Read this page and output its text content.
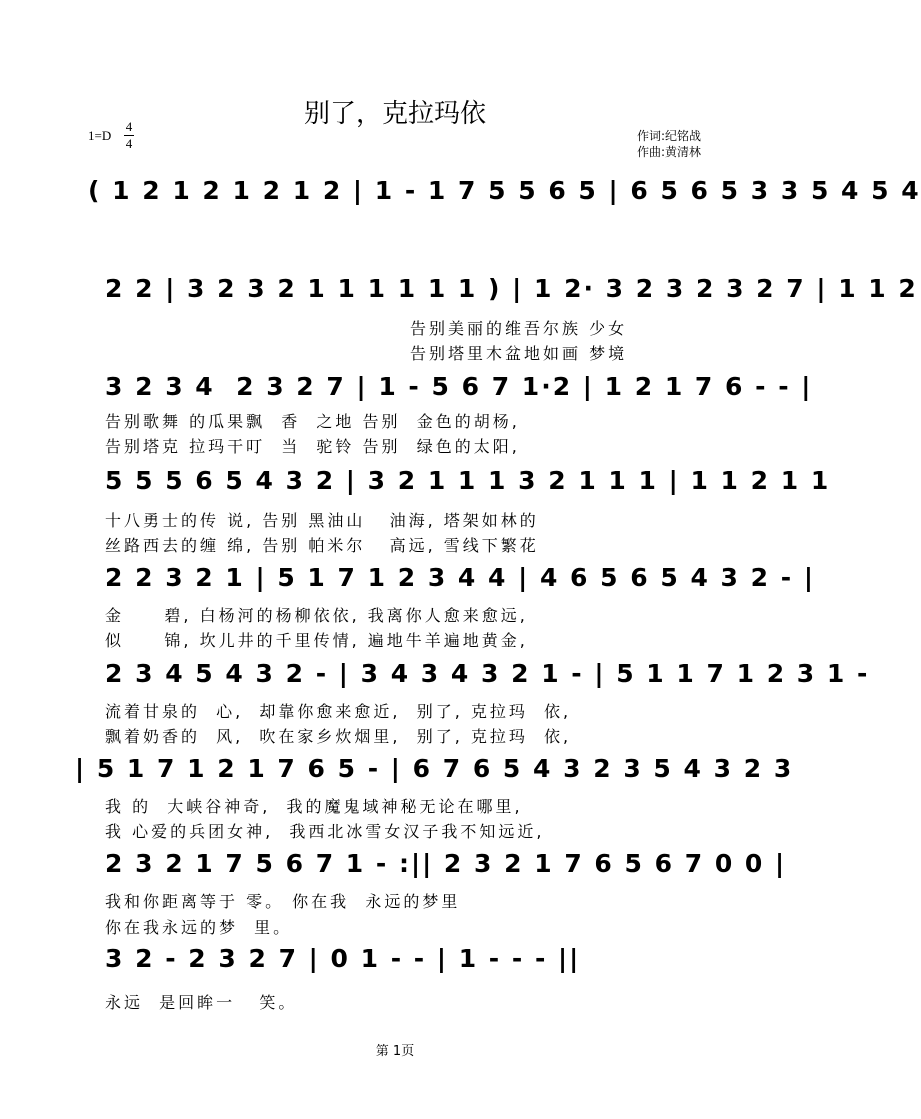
别了，克拉玛依
1=D
4
4	作词:纪铭战
作曲:黄清林
( 1 2 1 2 1 2 1 2 | 1 - 1 7 5 5 6 5 | 6 5 6 5 3 3 5 4 5 4
2 2 | 3 2 3 2 1 1 1 1 1 1 ) | 1 2· 3 2 3 2 3 2 7 | 1 1 2
告别美丽的维吾尔族 少女
告别塔里木盆地如画 梦境
3 2 3 4  2 3 2 7 | 1 - 5 6 7 1·2 | 1 2 1 7 6 - - |
告别歌舞 的瓜果飘  香  之地 告别  金色的胡杨,
告别塔克 拉玛干叮  当  驼铃 告别  绿色的太阳,
5 5 5 6 5 4 3 2 | 3 2 1 1 1 3 2 1 1 1 | 1 1 2 1 1
十八勇士的传 说, 告别 黑油山   油海, 塔架如林的
丝路西去的缠 绵, 告别 帕米尔   高远, 雪线下繁花
2 2 3 2 1 | 5 1 7 1 2 3 4 4 | 4 6 5 6 5 4 3 2 - |
金     碧, 白杨河的杨柳依依, 我离你人愈来愈远,
似     锦, 坎儿井的千里传情, 遍地牛羊遍地黄金,
2 3 4 5 4 3 2 - | 3 4 3 4 3 2 1 - | 5 1 1 7 1 2 3 1 -
流着甘泉的  心,  却靠你愈来愈近,  别了, 克拉玛  依,
飘着奶香的  风,  吹在家乡炊烟里,  别了, 克拉玛  依,
| 5 1 7 1 2 1 7 6 5 - | 6 7 6 5 4 3 2 3 5 4 3 2 3
我 的  大峡谷神奇,  我的魔鬼域神秘无论在哪里,
我 心爱的兵团女神,  我西北冰雪女汉子我不知远近,
2 3 2 1 7 5 6 7 1 - :|| 2 3 2 1 7 6 5 6 7 0 0 |
我和你距离等于 零。 你在我  永远的梦里
你在我永远的梦  里。
3 2 - 2 3 2 7 | 0 1 - - | 1 - - - ||
永远  是回眸一   笑。
第 1页
